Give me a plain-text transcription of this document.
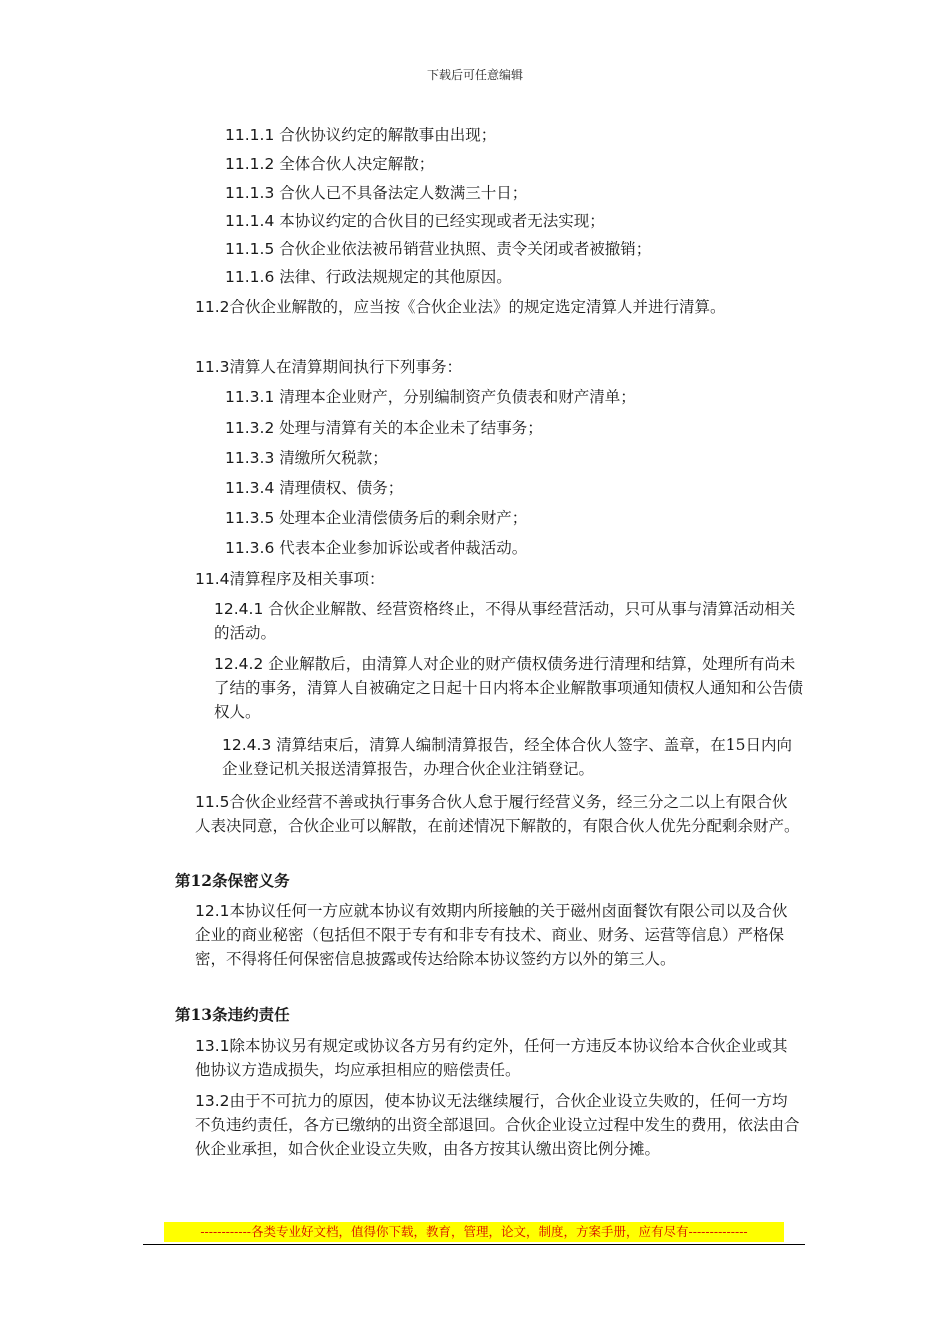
下载后可任意编辑
11.1.1 合伙协议约定的解散事由出现；
11.1.2 全体合伙人决定解散；
11.1.3 合伙人已不具备法定人数满三十日；
11.1.4 本协议约定的合伙目的已经实现或者无法实现；
11.1.5 合伙企业依法被吊销营业执照、责令关闭或者被撤销；
11.1.6 法律、行政法规规定的其他原因。
11.2合伙企业解散的，应当按《合伙企业法》的规定选定清算人并进行清算。
11.3清算人在清算期间执行下列事务：
11.3.1 清理本企业财产，分别编制资产负债表和财产清单；
11.3.2 处理与清算有关的本企业未了结事务；
11.3.3 清缴所欠税款；
11.3.4 清理债权、债务；
11.3.5 处理本企业清偿债务后的剩余财产；
11.3.6 代表本企业参加诉讼或者仲裁活动。
11.4清算程序及相关事项：
12.4.1 合伙企业解散、经营资格终止，不得从事经营活动，只可从事与清算活动相关的活动。
12.4.2 企业解散后，由清算人对企业的财产债权债务进行清理和结算，处理所有尚未了结的事务，清算人自被确定之日起十日内将本企业解散事项通知债权人通知和公告债权人。
12.4.3 清算结束后，清算人编制清算报告，经全体合伙人签字、盖章，在15日内向企业登记机关报送清算报告，办理合伙企业注销登记。
11.5合伙企业经营不善或执行事务合伙人怠于履行经营义务，经三分之二以上有限合伙人表决同意，合伙企业可以解散，在前述情况下解散的，有限合伙人优先分配剩余财产。
第12条保密义务
12.1本协议任何一方应就本协议有效期内所接触的关于磁州卤面餐饮有限公司以及合伙企业的商业秘密（包括但不限于专有和非专有技术、商业、财务、运营等信息）严格保密，不得将任何保密信息披露或传达给除本协议签约方以外的第三人。
第13条违约责任
13.1除本协议另有规定或协议各方另有约定外，任何一方违反本协议给本合伙企业或其他协议方造成损失，均应承担相应的赔偿责任。
13.2由于不可抗力的原因，使本协议无法继续履行，合伙企业设立失败的，任何一方均不负违约责任，各方已缴纳的出资全部退回。合伙企业设立过程中发生的费用，依法由合伙企业承担，如合伙企业设立失败，由各方按其认缴出资比例分摊。
------------各类专业好文档，值得你下载，教育，管理，论文，制度，方案手册，应有尽有--------------
